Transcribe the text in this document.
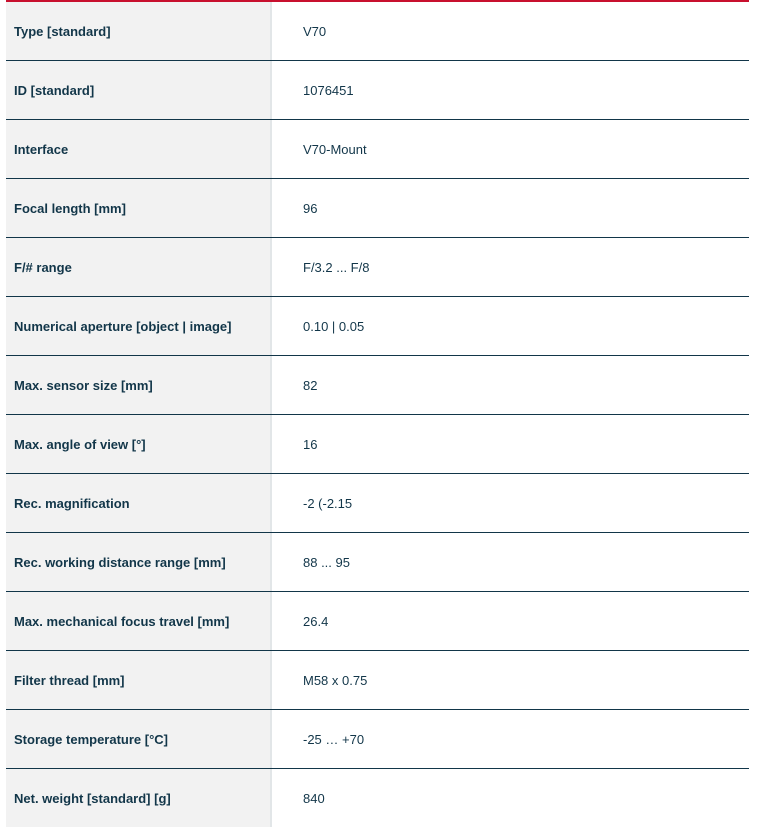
Type [standard]	V70
ID [standard]	1076451
Interface	V70-Mount
Focal length [mm]	96
F/# range	F/3.2 ... F/8
Numerical aperture [object | image]	0.10 | 0.05
Max. sensor size [mm]	82
Max. angle of view [°]	16
Rec. magnification	-2 (-2.15
Rec. working distance range [mm]	88 ... 95
Max. mechanical focus travel [mm]	26.4
Filter thread [mm]	M58 x 0.75
Storage temperature [°C]	-25 … +70
Net. weight [standard] [g]	840
